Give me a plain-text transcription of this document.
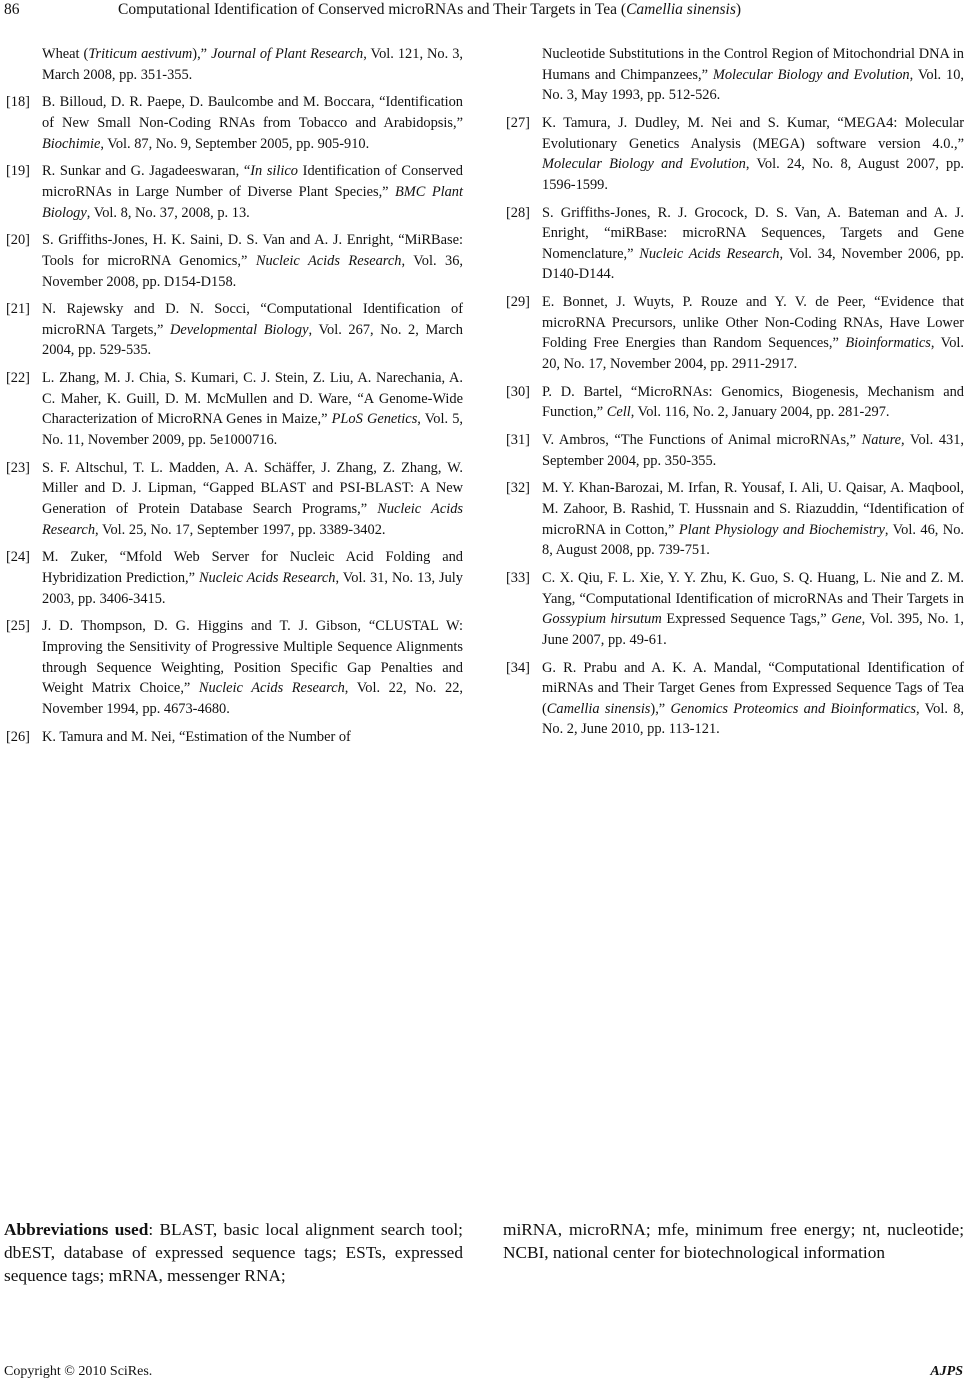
86	Computational Identification of Conserved microRNAs and Their Targets in Tea (Camellia sinensis)
Wheat (Triticum aestivum),” Journal of Plant Research, Vol. 121, No. 3, March 2008, pp. 351-355.
[18] B. Billoud, D. R. Paepe, D. Baulcombe and M. Boccara, “Identification of New Small Non-Coding RNAs from Tobacco and Arabidopsis,” Biochimie, Vol. 87, No. 9, September 2005, pp. 905-910.
[19] R. Sunkar and G. Jagadeeswaran, “In silico Identification of Conserved microRNAs in Large Number of Diverse Plant Species,” BMC Plant Biology, Vol. 8, No. 37, 2008, p. 13.
[20] S. Griffiths-Jones, H. K. Saini, D. S. Van and A. J. Enright, “MiRBase: Tools for microRNA Genomics,” Nucleic Acids Research, Vol. 36, November 2008, pp. D154-D158.
[21] N. Rajewsky and D. N. Socci, “Computational Identification of microRNA Targets,” Developmental Biology, Vol. 267, No. 2, March 2004, pp. 529-535.
[22] L. Zhang, M. J. Chia, S. Kumari, C. J. Stein, Z. Liu, A. Narechania, A. C. Maher, K. Guill, D. M. McMullen and D. Ware, “A Genome-Wide Characterization of MicroRNA Genes in Maize,” PLoS Genetics, Vol. 5, No. 11, November 2009, pp. 5e1000716.
[23] S. F. Altschul, T. L. Madden, A. A. Schäffer, J. Zhang, Z. Zhang, W. Miller and D. J. Lipman, “Gapped BLAST and PSI-BLAST: A New Generation of Protein Database Search Programs,” Nucleic Acids Research, Vol. 25, No. 17, September 1997, pp. 3389-3402.
[24] M. Zuker, “Mfold Web Server for Nucleic Acid Folding and Hybridization Prediction,” Nucleic Acids Research, Vol. 31, No. 13, July 2003, pp. 3406-3415.
[25] J. D. Thompson, D. G. Higgins and T. J. Gibson, “CLUSTAL W: Improving the Sensitivity of Progressive Multiple Sequence Alignments through Sequence Weighting, Position Specific Gap Penalties and Weight Matrix Choice,” Nucleic Acids Research, Vol. 22, No. 22, November 1994, pp. 4673-4680.
[26] K. Tamura and M. Nei, “Estimation of the Number of
Nucleotide Substitutions in the Control Region of Mitochondrial DNA in Humans and Chimpanzees,” Molecular Biology and Evolution, Vol. 10, No. 3, May 1993, pp. 512-526.
[27] K. Tamura, J. Dudley, M. Nei and S. Kumar, “MEGA4: Molecular Evolutionary Genetics Analysis (MEGA) software version 4.0.,” Molecular Biology and Evolution, Vol. 24, No. 8, August 2007, pp. 1596-1599.
[28] S. Griffiths-Jones, R. J. Grocock, D. S. Van, A. Bateman and A. J. Enright, “miRBase: microRNA Sequences, Targets and Gene Nomenclature,” Nucleic Acids Research, Vol. 34, November 2006, pp. D140-D144.
[29] E. Bonnet, J. Wuyts, P. Rouze and Y. V. de Peer, “Evidence that microRNA Precursors, unlike Other Non-Coding RNAs, Have Lower Folding Free Energies than Random Sequences,” Bioinformatics, Vol. 20, No. 17, November 2004, pp. 2911-2917.
[30] P. D. Bartel, “MicroRNAs: Genomics, Biogenesis, Mechanism and Function,” Cell, Vol. 116, No. 2, January 2004, pp. 281-297.
[31] V. Ambros, “The Functions of Animal microRNAs,” Nature, Vol. 431, September 2004, pp. 350-355.
[32] M. Y. Khan-Barozai, M. Irfan, R. Yousaf, I. Ali, U. Qaisar, A. Maqbool, M. Zahoor, B. Rashid, T. Hussnain and S. Riazuddin, “Identification of microRNA in Cotton,” Plant Physiology and Biochemistry, Vol. 46, No. 8, August 2008, pp. 739-751.
[33] C. X. Qiu, F. L. Xie, Y. Y. Zhu, K. Guo, S. Q. Huang, L. Nie and Z. M. Yang, “Computational Identification of microRNAs and Their Targets in Gossypium hirsutum Expressed Sequence Tags,” Gene, Vol. 395, No. 1, June 2007, pp. 49-61.
[34] G. R. Prabu and A. K. A. Mandal, “Computational Identification of miRNAs and Their Target Genes from Expressed Sequence Tags of Tea (Camellia sinensis),” Genomics Proteomics and Bioinformatics, Vol. 8, No. 2, June 2010, pp. 113-121.
Abbreviations used: BLAST, basic local alignment search tool; dbEST, database of expressed sequence tags; ESTs, expressed sequence tags; mRNA, messenger RNA;
miRNA, microRNA; mfe, minimum free energy; nt, nucleotide; NCBI, national center for biotechnological information
Copyright © 2010 SciRes.	AJPS
